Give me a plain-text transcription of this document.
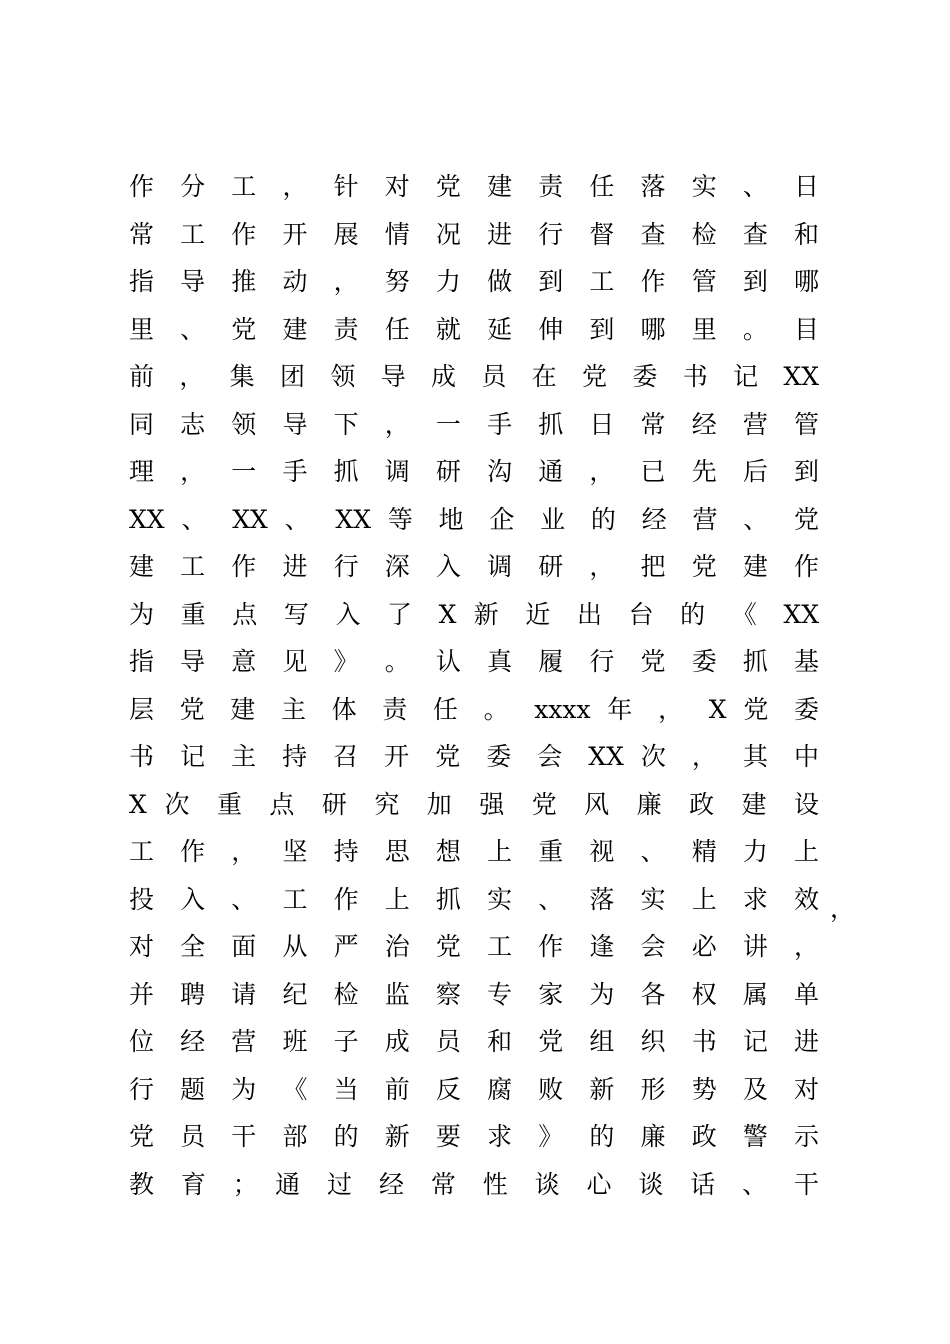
作 分 工 ， 针 对 党 建 责 任 落 实 、 日
常 工 作 开 展 情 况 进 行 督 查 检 查 和
指 导 推 动 ， 努 力 做 到 工 作 管 到 哪
里 、 党 建 责 任 就 延 伸 到 哪 里 。 目
前 ， 集 团 领 导 成 员 在 党 委 书 记 XX
同 志 领 导 下 ， 一 手 抓 日 常 经 营 管
理 ， 一 手 抓 调 研 沟 通 ， 已 先 后 到
XX 、 XX 、 XX 等 地 企 业 的 经 营 、 党
建 工 作 进 行 深 入 调 研 ， 把 党 建 作
为 重 点 写 入 了 X 新 近 出 台 的 《 XX
指 导 意 见 》 。 认 真 履 行 党 委 抓 基
层 党 建 主 体 责 任 。 xxxx 年 ， X 党 委
书 记 主 持 召 开 党 委 会 XX 次 ， 其 中
X 次 重 点 研 究 加 强 党 风 廉 政 建 设
工 作 ， 坚 持 思 想 上 重 视 、 精 力 上
投 入 、 工 作 上 抓 实 、 落 实 上 求 效
对 全 面 从 严 治 党 工 作 逢 会 必 讲 ，
并 聘 请 纪 检 监 察 专 家 为 各 权 属 单
位 经 营 班 子 成 员 和 党 组 织 书 记 进
行 题 为 《 当 前 反 腐 败 新 形 势 及 对
党 员 干 部 的 新 要 求 》 的 廉 政 警 示
教 育 ； 通 过 经 常 性 谈 心 谈 话 、 干
，
